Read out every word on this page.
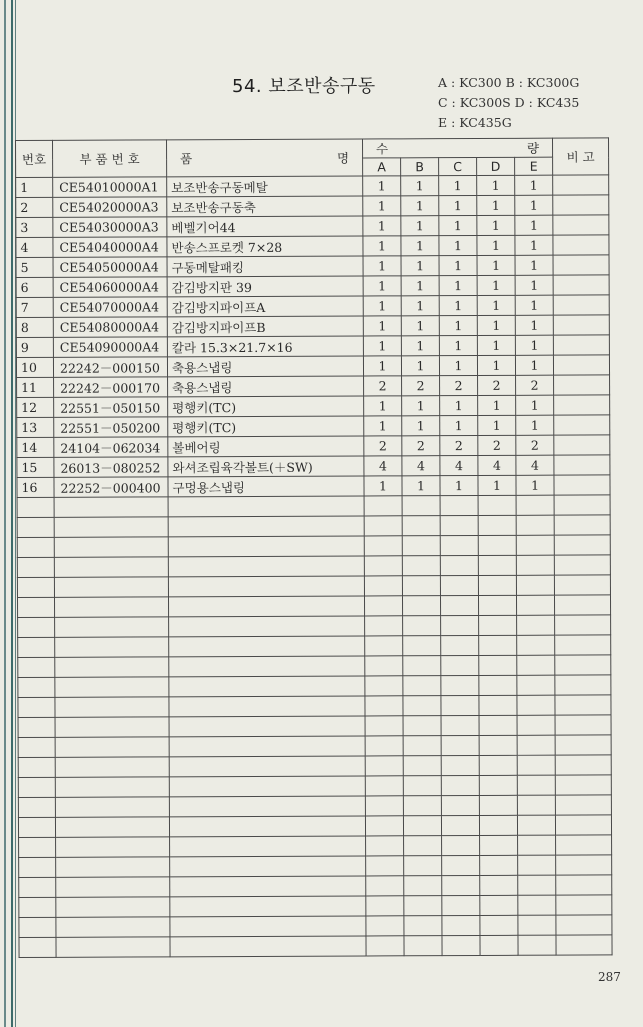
54. 보조반송구동	A : KC300 B : KC300G
C : KC300S D : KC435
E : KC435G
번호	부 품 번 호	품 명	수 량					비 고
			A	B	C	D	E	
1	CE54010000A1	보조반송구동메탈	1	1	1	1	1	
2	CE54020000A3	보조반송구동축	1	1	1	1	1	
3	CE54030000A3	베벨기어44	1	1	1	1	1	
4	CE54040000A4	반송스프로켓 7×28	1	1	1	1	1	
5	CE54050000A4	구동메탈패킹	1	1	1	1	1	
6	CE54060000A4	감김방지판 39	1	1	1	1	1	
7	CE54070000A4	감김방지파이프A	1	1	1	1	1	
8	CE54080000A4	감김방지파이프B	1	1	1	1	1	
9	CE54090000A4	칼라 15.3×21.7×16	1	1	1	1	1	
10	22242－000150	축용스냅링	1	1	1	1	1	
11	22242－000170	축용스냅링	2	2	2	2	2	
12	22551－050150	평행키(TC)	1	1	1	1	1	
13	22551－050200	평행키(TC)	1	1	1	1	1	
14	24104－062034	볼베어링	2	2	2	2	2	
15	26013－080252	와셔조립육각볼트(＋SW)	4	4	4	4	4	
16	22252－000400	구멍용스냅링	1	1	1	1	1	

287
